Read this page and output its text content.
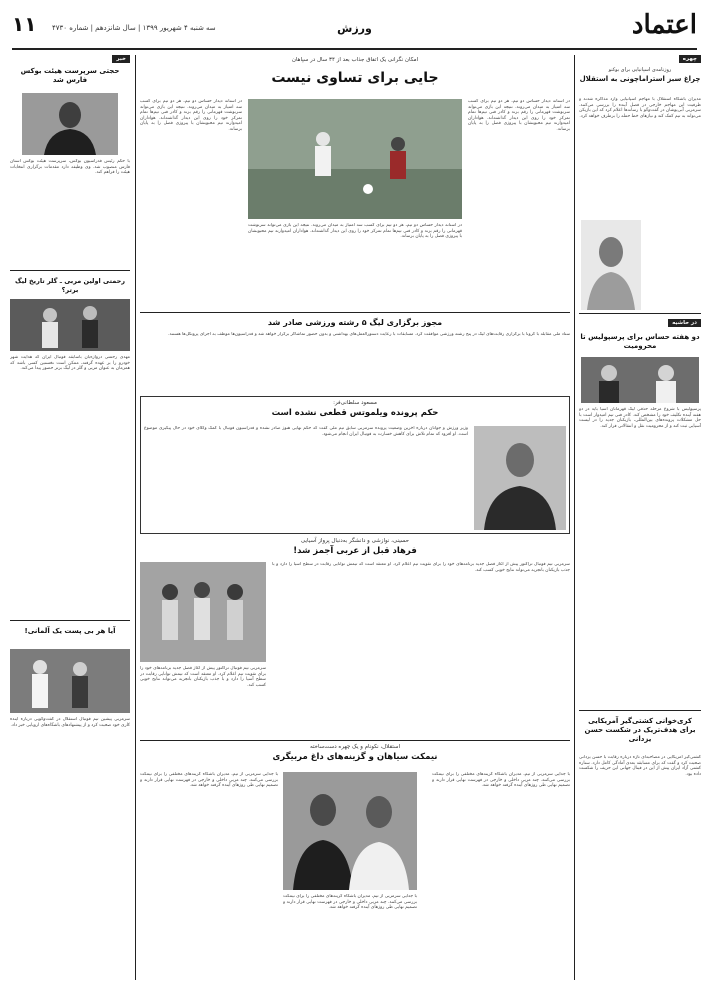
اعتماد
ورزش
سه شنبه ۴ شهریور ۱۳۹۹ | سال شانزدهم | شماره ۴۷۳۰
۱۱
چهره
روزنامه‌ی اسپانیایی برای بوکنو
چراغ سبز استراماچونی به استقلال
مدیران باشگاه استقلال با مهاجم اسپانیایی وارد مذاکره شدند و ظرفیت این مهاجم خارجی در فصل آینده را بررسی می‌کنند. سرمربی آبی‌پوشان در گفت‌وگو با رسانه‌ها اعلام کرد که این بازیکن می‌تواند به تیم کمک کند و نیازهای خط حمله را برطرف خواهد کرد.
در حاشیه
دو هفته حساس برای پرسپولیس تا محرومیت
پرسپولیس با شروع مرحله حذفی لیگ قهرمانان آسیا باید در دو هفته آینده تکلیف خود را مشخص کند. کادر فنی تیم امیدوار است با حل مشکلات پرونده‌های بین‌المللی، بازیکنان جدید را در لیست آسیایی ثبت کند و از محرومیت نقل و انتقالاتی فرار کند.
کری‌خوانی کشتی‌گیر آمریکایی برای هدف‌تریک در شکست حسن یزدانی
کشتی‌گیر آمریکایی در مصاحبه‌ای تازه درباره رقابت با حسن یزدانی صحبت کرد و گفت که برای مسابقه بعدی آمادگی کامل دارد. ستاره کشتی آزاد ایران پیش از این در فینال جهانی این حریف را شکست داده بود.
خبر
حجتی سرپرست هیئت بوکس فارس شد
با حکم رئیس فدراسیون بوکس، سرپرست هیئت بوکس استان فارس منصوب شد. وی وظیفه دارد مقدمات برگزاری انتخابات هیئت را فراهم کند.
رحمتی اولین مربی ـ گلر تاریخ لیگ برتر؟
مهدی رحمتی دروازه‌بان باسابقه فوتبال ایران که هدایت شهر خودرو را بر عهده گرفته، ممکن است نخستین کسی باشد که همزمان به عنوان مربی و گلر در لیگ برتر حضور پیدا می‌کند.
آیا هر بی پست یک آلمانی!
سرمربی پیشین تیم فوتبال استقلال در گفت‌وگویی درباره آینده کاری خود صحبت کرد و از پیشنهادهای باشگاه‌های اروپایی خبر داد.
امکان نگرانی یک اتفاق جذاب بعد از ۳۴ سال در سپاهان
جایی برای تساوی نیست
در آستانه دیدار حساس دو تیم، هر دو تیم برای کسب سه امتیاز به میدان می‌روند. نتیجه این بازی می‌تواند سرنوشت قهرمانی را رقم بزند و کادر فنی تیم‌ها تمام تمرکز خود را روی این دیدار گذاشته‌اند. هواداران امیدوارند تیم محبوبشان با پیروزی فصل را به پایان برساند.
در آستانه دیدار حساس دو تیم، هر دو تیم برای کسب سه امتیاز به میدان می‌روند. نتیجه این بازی می‌تواند سرنوشت قهرمانی را رقم بزند و کادر فنی تیم‌ها تمام تمرکز خود را روی این دیدار گذاشته‌اند. هواداران امیدوارند تیم محبوبشان با پیروزی فصل را به پایان برساند.
در آستانه دیدار حساس دو تیم، هر دو تیم برای کسب سه امتیاز به میدان می‌روند. نتیجه این بازی می‌تواند سرنوشت قهرمانی را رقم بزند و کادر فنی تیم‌ها تمام تمرکز خود را روی این دیدار گذاشته‌اند. هواداران امیدوارند تیم محبوبشان با پیروزی فصل را به پایان برساند.
مجوز برگزاری لیگ ۵ رشته ورزشی صادر شد
ستاد ملی مقابله با کرونا با برگزاری رقابت‌های لیگ در پنج رشته ورزشی موافقت کرد. مسابقات با رعایت دستورالعمل‌های بهداشتی و بدون حضور تماشاگر برگزار خواهد شد و فدراسیون‌ها موظف به اجرای پروتکل‌ها هستند.
مسعود سلطانی‌فر:
حکم پرونده ویلموتس قطعی نشده است
وزیر ورزش و جوانان درباره آخرین وضعیت پرونده سرمربی سابق تیم ملی گفت که حکم نهایی هنوز صادر نشده و فدراسیون فوتبال با کمک وکلای خود در حال پیگیری موضوع است. او افزود که تمام تلاش برای کاهش خسارت به فوتبال ایران انجام می‌شود.
حسینی، نوازشی و دانشگر به‌دنبال پرواز آسیایی
فرهاد قبل از عربی آجمز شد!
سرمربی تیم فوتبال تراکتور پیش از آغاز فصل جدید برنامه‌های خود را برای تقویت تیم اعلام کرد. او معتقد است که تیمش توانایی رقابت در سطح آسیا را دارد و با جذب بازیکنان باتجربه می‌تواند نتایج خوبی کسب کند.
سرمربی تیم فوتبال تراکتور پیش از آغاز فصل جدید برنامه‌های خود را برای تقویت تیم اعلام کرد. او معتقد است که تیمش توانایی رقابت در سطح آسیا را دارد و با جذب بازیکنان باتجربه می‌تواند نتایج خوبی کسب کند.
استقلال، نکونام و یک چهره دست‌ساخته
نیمکت سیاهان و گزینه‌های داغ مربیگری
با جدایی سرمربی از تیم، مدیران باشگاه گزینه‌های مختلفی را برای نیمکت بررسی می‌کنند. چند مربی داخلی و خارجی در فهرست نهایی قرار دارند و تصمیم نهایی طی روزهای آینده گرفته خواهد شد.
با جدایی سرمربی از تیم، مدیران باشگاه گزینه‌های مختلفی را برای نیمکت بررسی می‌کنند. چند مربی داخلی و خارجی در فهرست نهایی قرار دارند و تصمیم نهایی طی روزهای آینده گرفته خواهد شد.
با جدایی سرمربی از تیم، مدیران باشگاه گزینه‌های مختلفی را برای نیمکت بررسی می‌کنند. چند مربی داخلی و خارجی در فهرست نهایی قرار دارند و تصمیم نهایی طی روزهای آینده گرفته خواهد شد.
